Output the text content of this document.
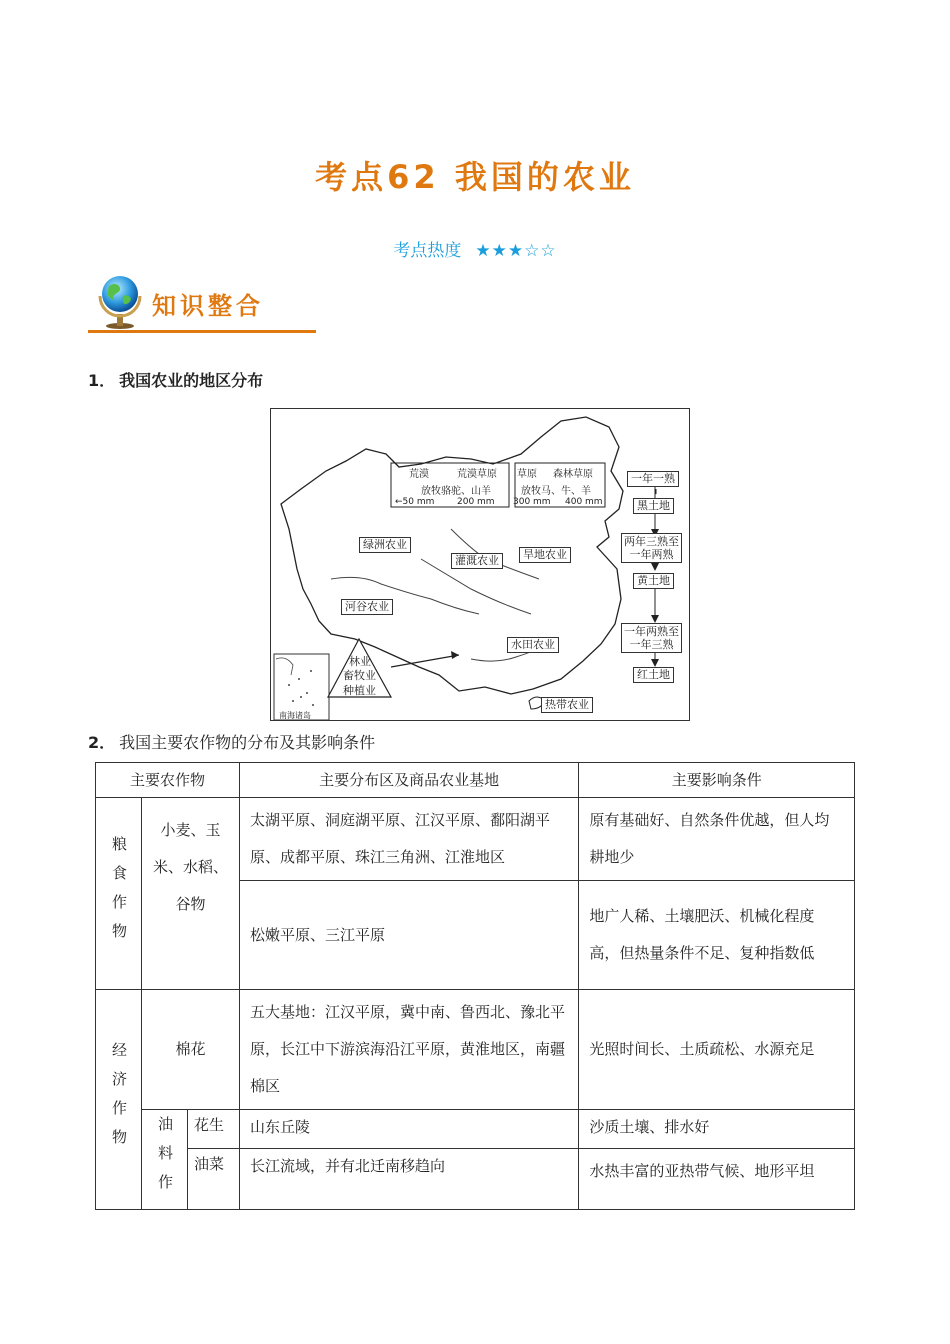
考点62 我国的农业
考点热度 ★★★☆☆
知识整合
1． 我国农业的地区分布
荒漠	荒漠草原 草原 森林草原
放牧骆驼、山羊	放牧马、牛、羊
←50 mm	200 mm 300 mm 400 mm
绿洲农业
灌溉农业	旱地农业
河谷农业
水田农业
热带农业
林业
畜牧业
种植业
南海诸岛
一年一熟
黑土地
两年三熟至
一年两熟
黄土地
一年两熟至
一年三熟
红土地
2． 我国主要农作物的分布及其影响条件
主要农作物			主要分布区及商品农业基地	主要影响条件
粮食作物	小麦、玉米、水稻、谷物		太湖平原、洞庭湖平原、江汉平原、鄱阳湖平原、成都平原、珠江三角洲、江淮地区	原有基础好、自然条件优越，但人均耕地少
			松嫩平原、三江平原	地广人稀、土壤肥沃、机械化程度高，但热量条件不足、复种指数低
经济作物	棉花		五大基地：江汉平原，冀中南、鲁西北、豫北平原，长江中下游滨海沿江平原，黄淮地区，南疆棉区	光照时间长、土质疏松、水源充足
	油料作	花生	山东丘陵	沙质土壤、排水好
		油菜	长江流域，并有北迁南移趋向	水热丰富的亚热带气候、地形平坦
